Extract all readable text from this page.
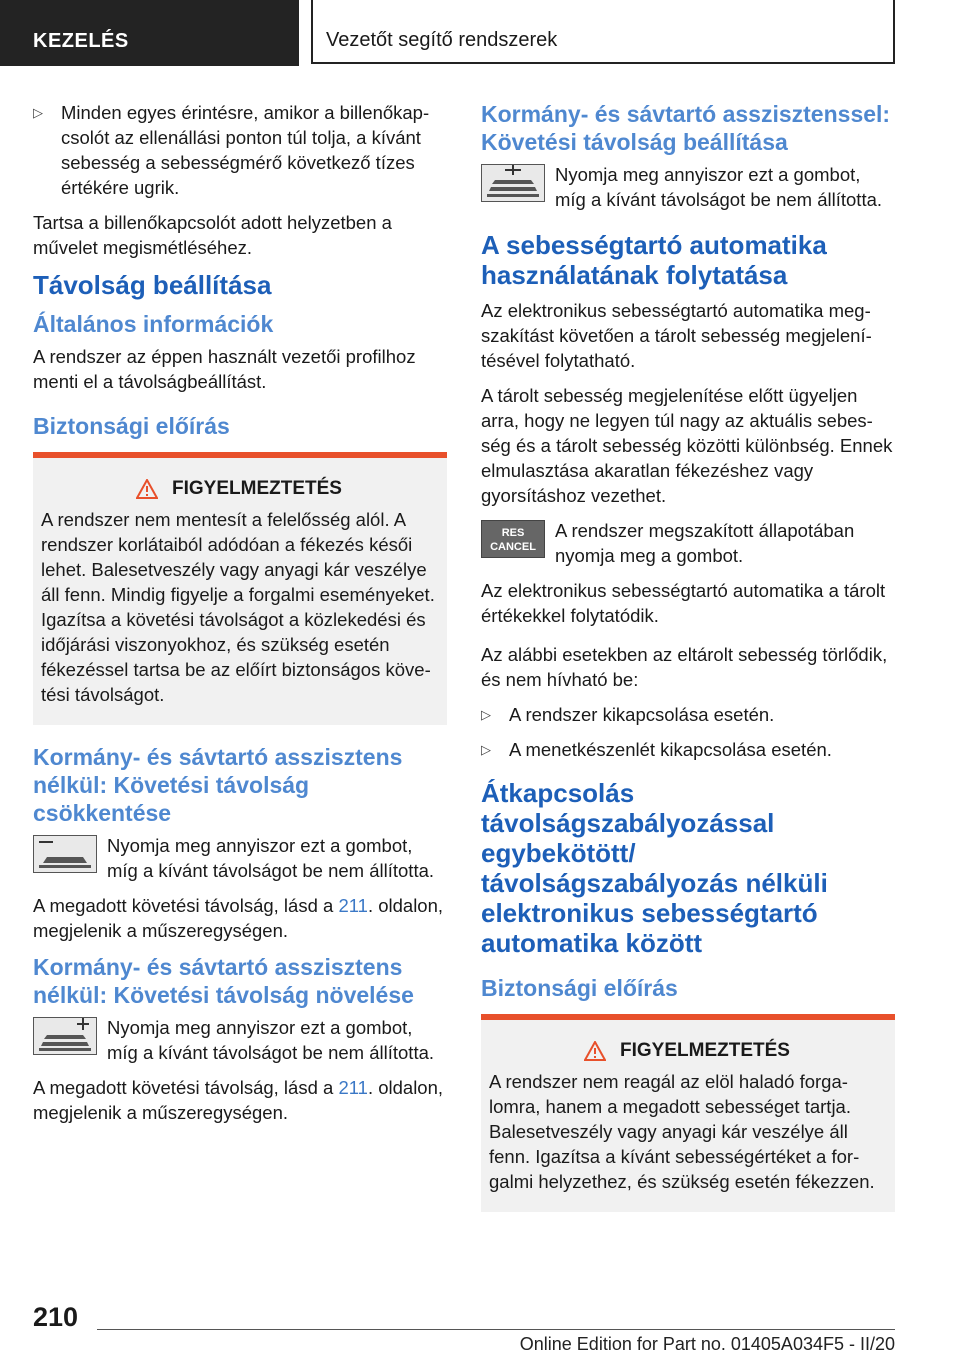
KEZELÉS	Vezetőt segítő rendszerek
▷ Minden egyes érintésre, amikor a billenőkapcsolót az ellenállási ponton túl tolja, a kívánt sebesség a sebességmérő következő tízes értékére ugrik.

Tartsa a billenőkapcsolót adott helyzetben a művelet megismétléséhez.

Távolság beállítása
Általános információk

A rendszer az éppen használt vezetői profilhoz menti el a távolságbeállítást.

Biztonsági előírás
FIGYELMEZTETÉS
A rendszer nem mentesít a felelősség alól. A rendszer korlátaiból adódóan a fékezés késői lehet. Balesetveszély vagy anyagi kár veszélye áll fenn. Mindig figyelje a forgalmi eseményeket. Igazítsa a követési távolságot a közlekedési és időjárási viszonyokhoz, és szükség esetén fékezéssel tartsa be az előírt biztonságos követési távolságot.
Kormány- és sávtartó asszisztens nélkül: Követési távolság csökkentése
Nyomja meg annyiszor ezt a gombot, míg a kívánt távolságot be nem állította.

A megadott követési távolság, lásd a 211. oldalon, megjelenik a műszeregységen.

Kormány- és sávtartó asszisztens nélkül: Követési távolság növelése
Nyomja meg annyiszor ezt a gombot, míg a kívánt távolságot be nem állította.

A megadott követési távolság, lásd a 211. oldalon, megjelenik a műszeregységen.

Kormány- és sávtartó asszisztenssel: Követési távolság beállítása
Nyomja meg annyiszor ezt a gombot, míg a kívánt távolságot be nem állította.
A sebességtartó automatika használatának folytatása

Az elektronikus sebességtartó automatika megszakítást követően a tárolt sebesség megjelenítésével folytatható.

A tárolt sebesség megjelenítése előtt ügyeljen arra, hogy ne legyen túl nagy az aktuális sebesség és a tárolt sebesség közötti különbség. Ennek elmulasztása akaratlan fékezéshez vagy gyorsításhoz vezethet.

RES
CANCEL
A rendszer megszakított állapotában nyomja meg a gombot.

Az elektronikus sebességtartó automatika a tárolt értékekkel folytatódik.

Az alábbi esetekben az eltárolt sebesség törlődik, és nem hívható be:

▷ A rendszer kikapcsolása esetén.
▷ A menetkészenlét kikapcsolása esetén.
Átkapcsolás távolságszabályozással egybekötött/ távolságszabályozás nélküli elektronikus sebességtartó automatika között
Biztonsági előírás
FIGYELMEZTETÉS
A rendszer nem reagál az elöl haladó forgalomra, hanem a megadott sebességet tartja. Balesetveszély vagy anyagi kár veszélye áll fenn. Igazítsa a kívánt sebességértéket a forgalmi helyzethez, és szükség esetén fékezzen.
210
Online Edition for Part no. 01405A034F5 - II/20
